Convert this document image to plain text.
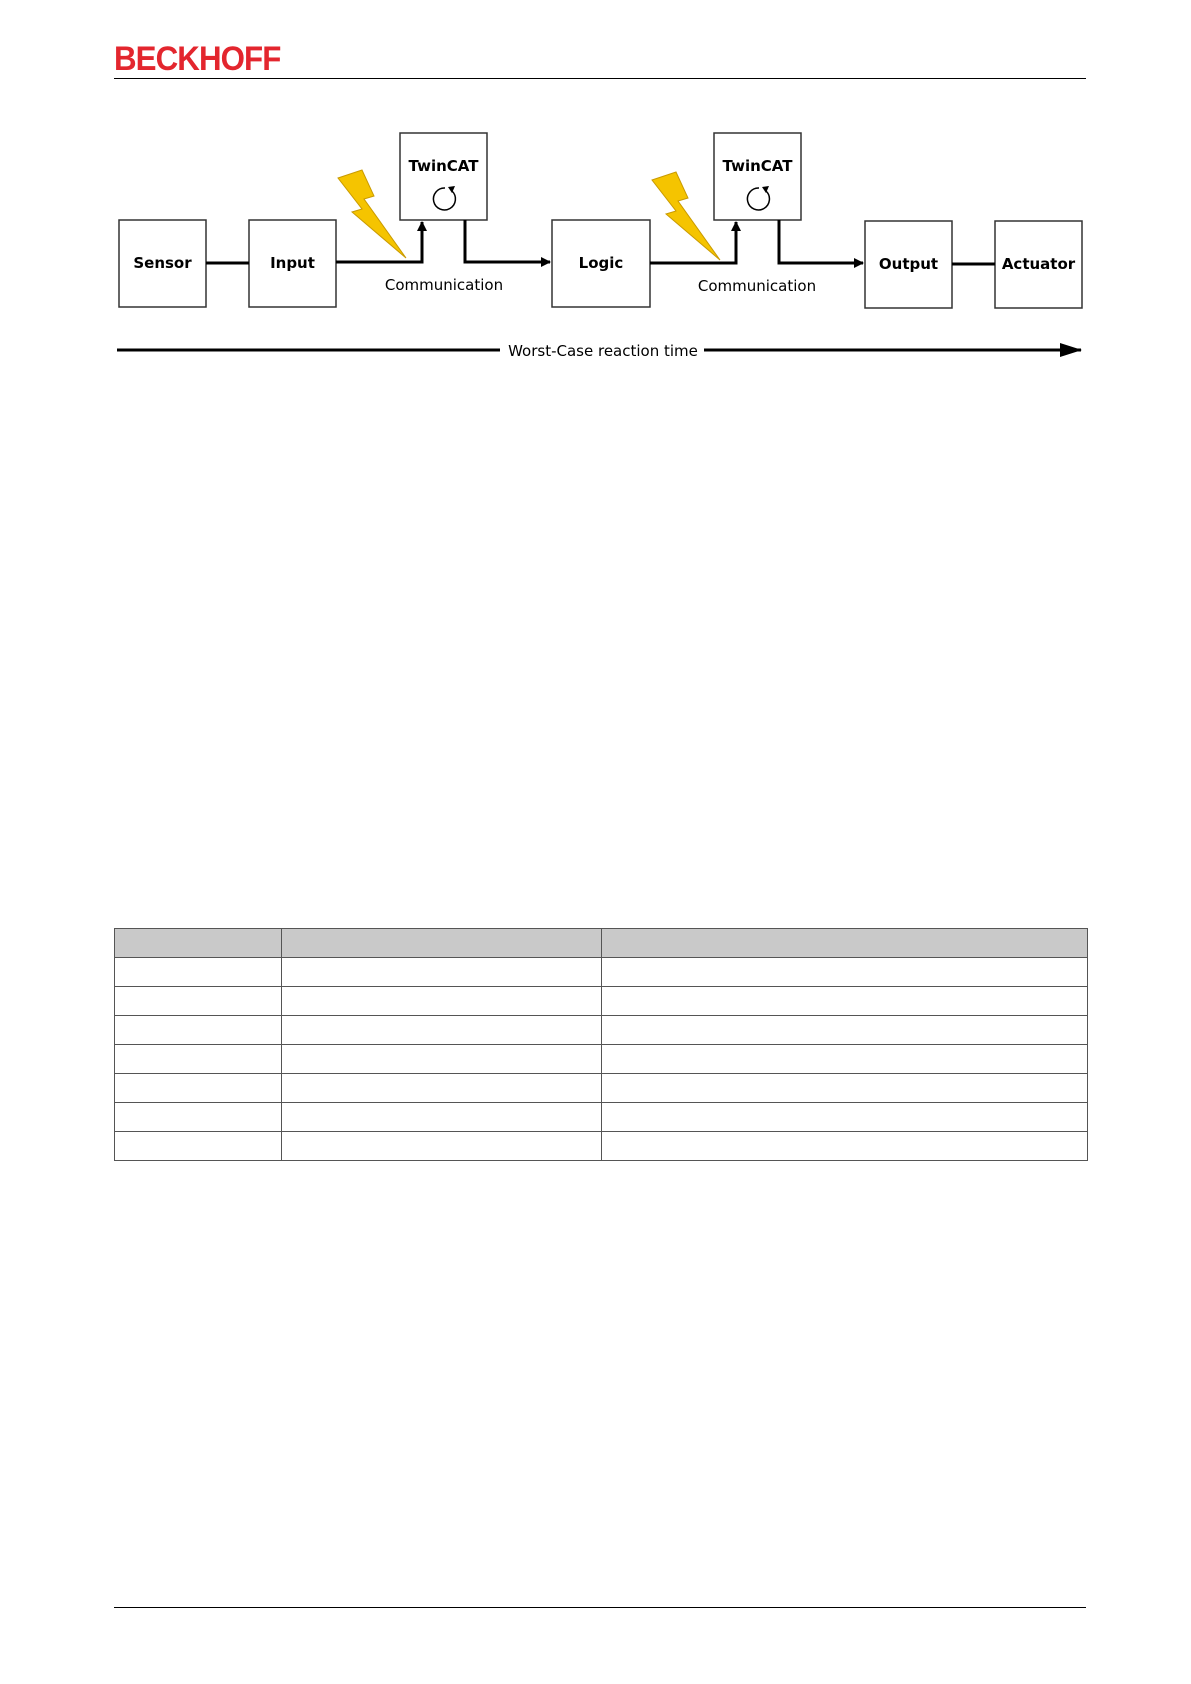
BECKHOFF
Sensor	Input
TwinCAT
Logic
TwinCAT
Output	Actuator
Communication	Communication
Worst-Case reaction time
